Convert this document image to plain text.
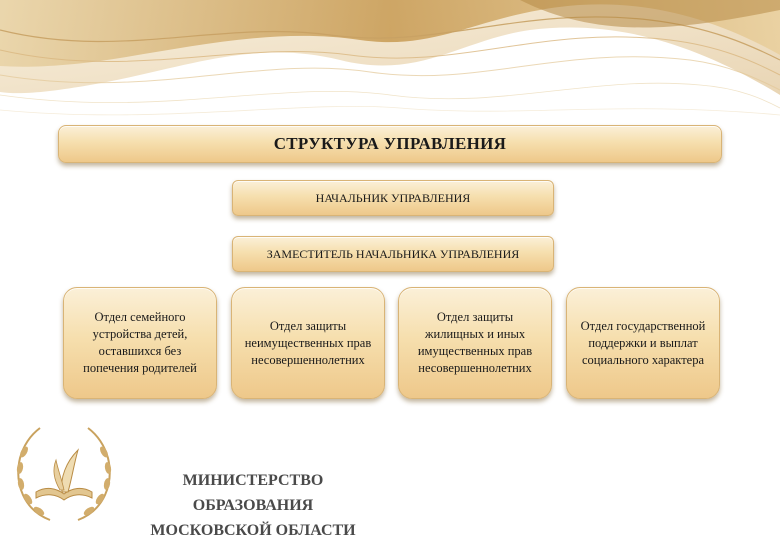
СТРУКТУРА УПРАВЛЕНИЯ
НАЧАЛЬНИК УПРАВЛЕНИЯ
ЗАМЕСТИТЕЛЬ НАЧАЛЬНИКА УПРАВЛЕНИЯ
Отдел семейного устройства детей, оставшихся без попечения родителей
Отдел защиты неимущественных прав несовершеннолетних
Отдел защиты жилищных и иных имущественных прав несовершеннолетних
Отдел государственной поддержки и выплат социального характера
МИНИСТЕРСТВО ОБРАЗОВАНИЯ
МОСКОВСКОЙ ОБЛАСТИ
